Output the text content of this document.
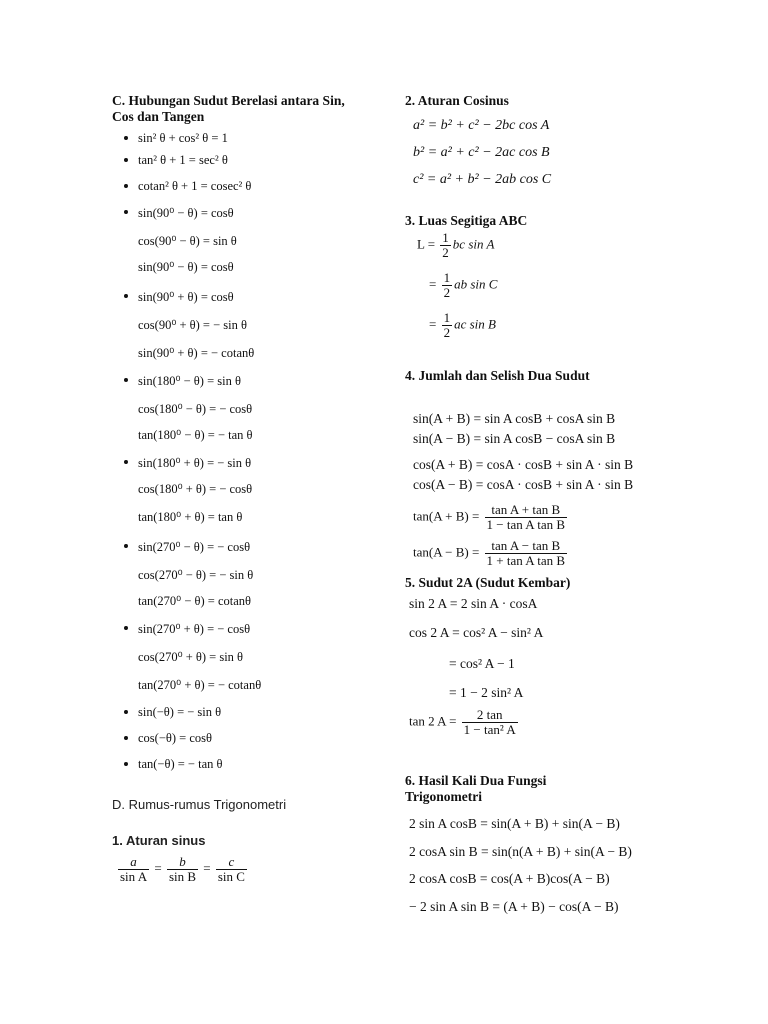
C. Hubungan Sudut Berelasi antara Sin, Cos dan Tangen
sin² θ + cos² θ = 1
tan² θ + 1 = sec² θ
cotan² θ + 1 = cosec² θ
sin(90⁰ − θ) = cosθ
cos(90⁰ − θ) = sin θ
sin(90⁰ − θ) = cosθ
sin(90⁰ + θ) = cosθ
cos(90⁰ + θ) = − sin θ
sin(90⁰ + θ) = − cotanθ
sin(180⁰ − θ) = sin θ
cos(180⁰ − θ) = − cosθ
tan(180⁰ − θ) = − tan θ
sin(180⁰ + θ) = − sin θ
cos(180⁰ + θ) = − cosθ
tan(180⁰ + θ) = tan θ
sin(270⁰ − θ) = − cosθ
cos(270⁰ − θ) = − sin θ
tan(270⁰ − θ) = cotanθ
sin(270⁰ + θ) = − cosθ
cos(270⁰ + θ) = sin θ
tan(270⁰ + θ) = − cotanθ
sin(−θ) = − sin θ
cos(−θ) = cosθ
tan(−θ) = − tan θ
D. Rumus-rumus Trigonometri
1. Aturan sinus
$\frac{a}{\text{sin A}} = \frac{b}{\text{sin B}} = \frac{c}{\text{sin C}}$
2. Aturan Cosinus
a² = b² + c² − 2bc cos A
b² = a² + c² − 2ac cos B
c² = a² + b² − 2ab cos C
3. Luas Segitiga ABC
$L = \frac{1}{2}$ bc sin A
= $\frac{1}{2}$ ab sin C
= $\frac{1}{2}$ ac sin B
4. Jumlah dan Selish Dua Sudut
sin(A + B) = sin A cosB + cosA sin B
sin(A − B) = sin A cosB − cosA sin B
cos(A + B) = cosA · cosB + sin A · sin B
cos(A − B) = cosA · cosB + sin A · sin B
$\tan(A + B) = \frac{\text{tan A + tan B}}{\text{1 − tan A tan B}}$
$\tan(A - B) = \frac{\text{tan A − tan B}}{\text{1 + tan A tan B}}$
5. Sudut 2A (Sudut Kembar)
sin 2 A = 2 sin A · cosA
cos 2 A = cos² A − sin² A
= cos² A − 1
= 1 − 2 sin² A
tan 2 $A = \frac{2 \tan}{\text{1 − tan² A}}$
6. Hasil Kali Dua Fungsi Trigonometri
2 sin A cosB = sin(A + B) + sin(A − B)
2 cosA sin B = sin(n(A + B) + sin(A − B)
2 cosA cosB = cos(A + B)cos(A − B)
− 2 sin A sin B = (A + B) − cos(A − B)
